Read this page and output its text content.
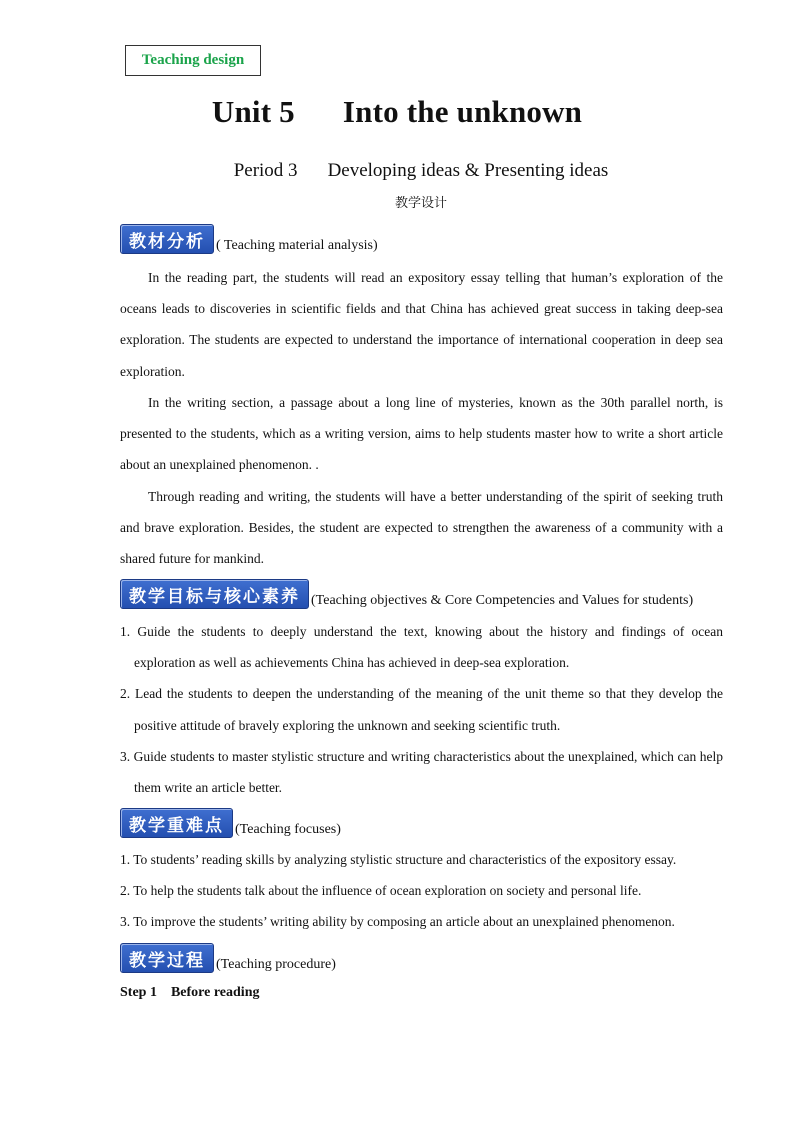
Teaching design
Unit 5 Into the unknown
Period 3 Developing ideas & Presenting ideas
教学设计
教材分析 ( Teaching material analysis)

In the reading part, the students will read an expository essay telling that human’s exploration of the oceans leads to discoveries in scientific fields and that China has achieved great success in taking deep-sea exploration. The students are expected to understand the importance of international cooperation in deep sea exploration.

In the writing section, a passage about a long line of mysteries, known as the 30th parallel north, is presented to the students, which as a writing version, aims to help students master how to write a short article about an unexplained phenomenon. .

Through reading and writing, the students will have a better understanding of the spirit of seeking truth and brave exploration. Besides, the student are expected to strengthen the awareness of a community with a shared future for mankind.

教学目标与核心素养 (Teaching objectives & Core Competencies and Values for students)
1. Guide the students to deeply understand the text, knowing about the history and findings of ocean exploration as well as achievements China has achieved in deep-sea exploration.
2. Lead the students to deepen the understanding of the meaning of the unit theme so that they develop the positive attitude of bravely exploring the unknown and seeking scientific truth.
3. Guide students to master stylistic structure and writing characteristics about the unexplained, which can help them write an article better.
教学重难点 (Teaching focuses)
1. To students’ reading skills by analyzing stylistic structure and characteristics of the expository essay.
2. To help the students talk about the influence of ocean exploration on society and personal life.
3. To improve the students’ writing ability by composing an article about an unexplained phenomenon.
教学过程 (Teaching procedure)
Step 1 Before reading
